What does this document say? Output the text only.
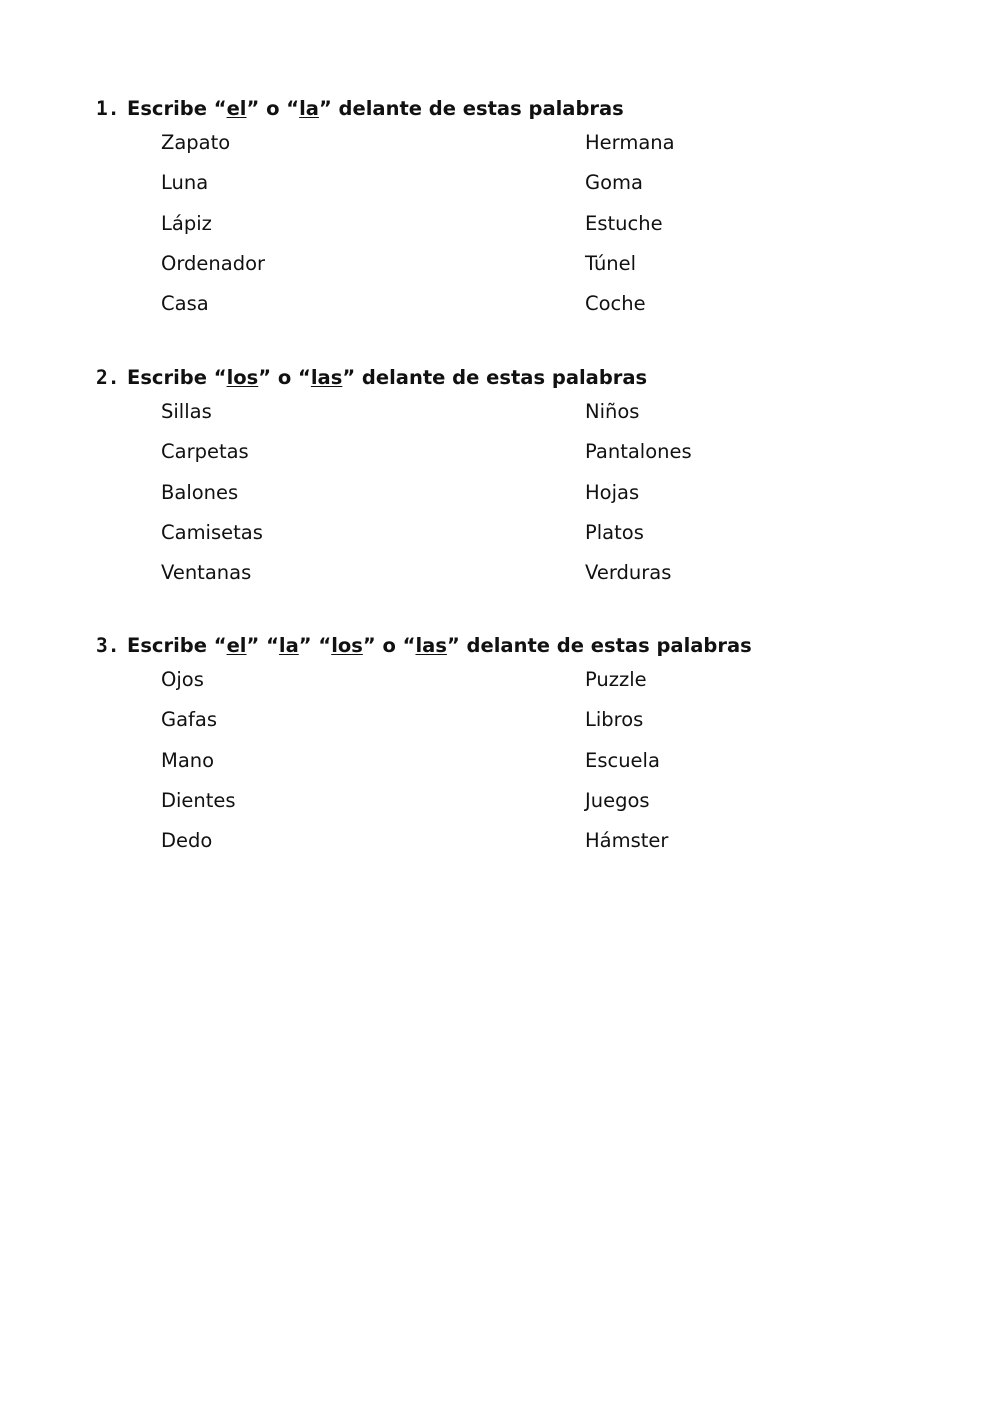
1. Escribe “el” o “la” delante de estas palabras
Zapato	Hermana
Luna	Goma
Lápiz	Estuche
Ordenador	Túnel
Casa	Coche
2. Escribe “los” o “las” delante de estas palabras
Sillas	Niños
Carpetas	Pantalones
Balones	Hojas
Camisetas	Platos
Ventanas	Verduras
3. Escribe “el” “la” “los” o “las” delante de estas palabras
Ojos	Puzzle
Gafas	Libros
Mano	Escuela
Dientes	Juegos
Dedo	Hámster
